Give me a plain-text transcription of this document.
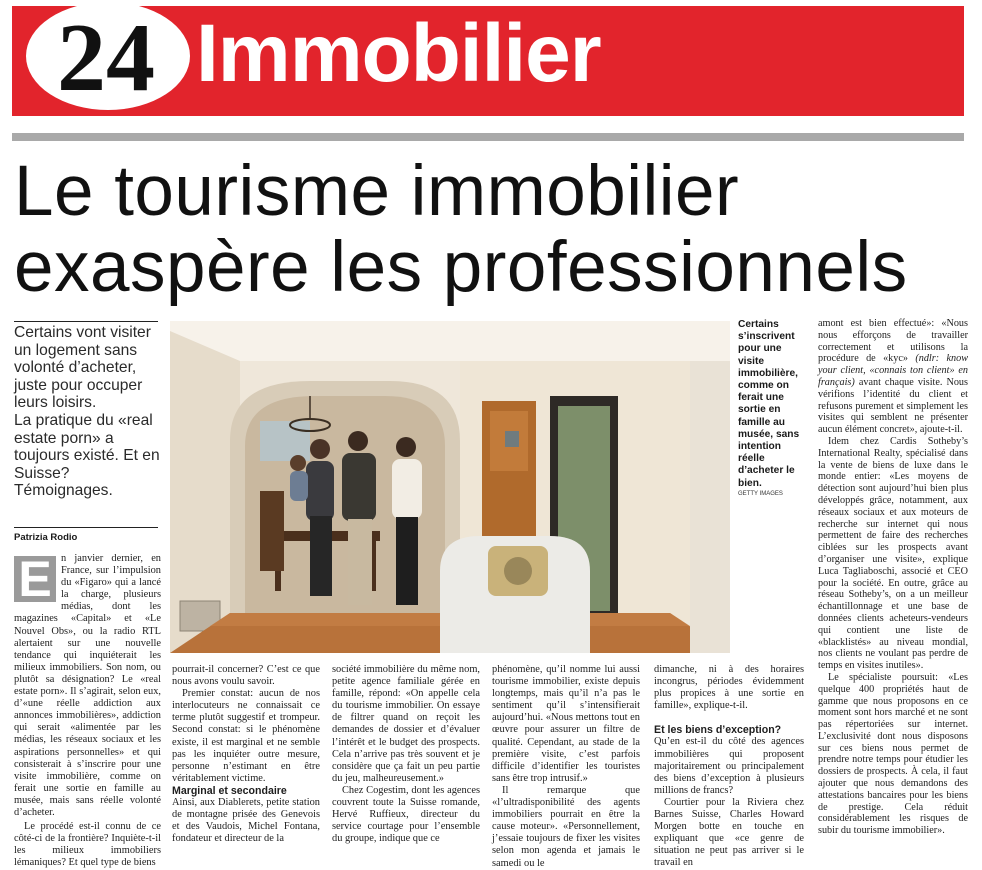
24 Immobilier
Le tourisme immobilier
exaspère les professionnels

Certains vont visiter un logement sans volonté d’acheter, juste pour occuper leurs loisirs.

La pratique du «real estate porn» a toujours existé. Et en Suisse? Témoignages.

Patrizia Rodio
Certains s’inscrivent pour une visite immobilière, comme on ferait une sortie en famille au musée, sans intention réelle d’acheter le bien.
GETTY IMAGES
E n janvier dernier, en France, sur l’impulsion du «Figaro» qui a lancé la charge, plusieurs médias, dont les magazines «Capital» et «Le Nouvel Obs», ou la radio RTL alertaient sur une nouvelle tendance qui inquiéterait les milieux immobiliers. Son nom, ou plutôt sa désignation? Le «real estate porn». Il s’agirait, selon eux, d’«une réelle addiction aux annonces immobilières», addiction qui serait «alimentée par les médias, les réseaux sociaux et les aspirations personnelles» et qui consisterait à s’inscrire pour une visite immobilière, comme on ferait une sortie en famille au musée, mais sans réelle volonté d’acheter.

Le procédé est-il connu de ce côté-ci de la frontière? Inquiète-t-il les milieux immobiliers lémaniques? Et quel type de biens

pourrait-il concerner? C’est ce que nous avons voulu savoir.

Premier constat: aucun de nos interlocuteurs ne connaissait ce terme plutôt suggestif et trompeur. Second constat: si le phénomène existe, il est marginal et ne semble pas les inquiéter outre mesure, personne n’estimant en être véritablement victime.

Marginal et secondaire

Ainsi, aux Diablerets, petite station de montagne prisée des Genevois et des Vaudois, Michel Fontana, fondateur et directeur de la

société immobilière du même nom, petite agence familiale gérée en famille, répond: «On appelle cela du tourisme immobilier. On essaye de filtrer quand on reçoit les demandes de dossier et d’évaluer l’intérêt et le budget des prospects. Cela n’arrive pas très souvent et je considère que ça fait un peu partie du jeu, malheureusement.»

Chez Cogestim, dont les agences couvrent toute la Suisse romande, Hervé Ruffieux, directeur du service courtage pour l’ensemble du groupe, indique que ce

phénomène, qu’il nomme lui aussi tourisme immobilier, existe depuis longtemps, mais qu’il n’a pas le sentiment qu’il s’intensifierait aujourd’hui. «Nous mettons tout en œuvre pour assurer un filtre de qualité. Cependant, au stade de la première visite, c’est parfois difficile d’identifier les touristes sans être trop intrusif.»

Il remarque que «l’ultradisponibilité des agents immobiliers pourrait en être la cause moteur». «Personnellement, j’essaie toujours de fixer les visites selon mon agenda et jamais le samedi ou le

dimanche, ni à des horaires incongrus, périodes évidemment plus propices à une sortie en famille», explique-t-il.

Et les biens d’exception?

Qu’en est-il du côté des agences immobilières qui proposent majoritairement ou principalement des biens d’exception à plusieurs millions de francs?

Courtier pour la Riviera chez Barnes Suisse, Charles Howard Morgen botte en touche en expliquant que «ce genre de situation ne peut pas arriver si le travail en

amont est bien effectué»: «Nous nous efforçons de travailler correctement et utilisons la procédure de «kyc» (ndlr: know your client, «connais ton client» en français) avant chaque visite. Nous vérifions l’identité du client et refusons purement et simplement les visites qui semblent ne présenter aucun élément concret», ajoute-t-il.

Idem chez Cardis Sotheby’s International Realty, spécialisé dans la vente de biens de luxe dans le monde entier: «Les moyens de détection sont aujourd’hui bien plus développés grâce, notamment, aux réseaux sociaux et aux moteurs de recherche sur internet qui nous permettent de faire des recherches ciblées sur les prospects avant d’organiser une visite», explique Luca Tagliaboschi, associé et CEO pour la société. En outre, grâce au réseau Sotheby’s, on a un meilleur échantillonnage et une base de données clients acheteurs-vendeurs qui contient une liste de «blacklistés» au niveau mondial, nos clients ne voulant pas perdre de temps en visites inutiles».

Le spécialiste poursuit: «Les quelque 400 propriétés haut de gamme que nous proposons en ce moment sont hors marché et ne sont pas répertoriées sur internet. L’exclusivité dont nous disposons sur ces biens nous permet de prendre notre temps pour étudier les dossiers de prospects. À cela, il faut ajouter que nous demandons des attestations bancaires pour les biens de prestige. Cela réduit considérablement les risques de subir du tourisme immobilier».
